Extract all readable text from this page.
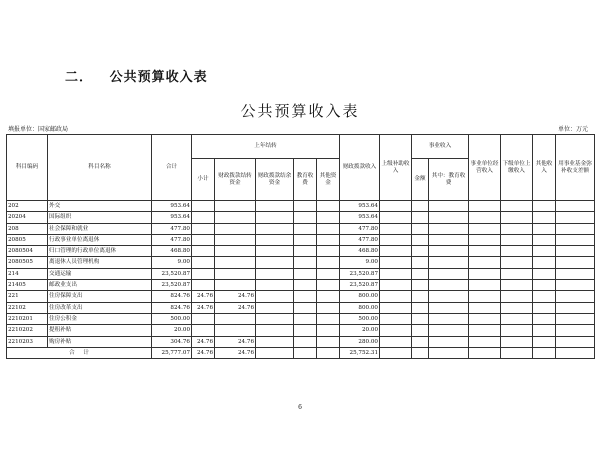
二．   公共预算收入表
公共预算收入表
填报单位：国家邮政局	单位：万元
科目编码	科目名称	合计	上年结转					财政拨款收入	上级补助收入	事业收入		事业单位经营收入	下级单位上缴收入	其他收入	用事业基金弥补收支差额
			小计	财政拨款结转资金	财政拨款结余资金	教育收费	其他资金			金额	其中：教育收费				
202	外交	953.64						953.64							
20204	国际组织	953.64						953.64							
208	社会保障和就业	477.80						477.80							
20805	行政事业单位离退休	477.80						477.80							
2080504	归口管理的行政单位离退休	468.80						468.80							
2080505	离退休人员管理机构	9.00						9.00							
214	交通运输	23,520.87						23,520.87							
21405	邮政业支出	23,520.87						23,520.87							
221	住房保障支出	824.76	24.76	24.76				800.00							
22102	住房改革支出	824.76	24.76	24.76				800.00							
2210201	住房公积金	500.00						500.00							
2210202	提租补贴	20.00						20.00							
2210203	购房补贴	304.76	24.76	24.76				280.00							
合     计		25,777.07	24.76	24.76				25,752.31							
6
